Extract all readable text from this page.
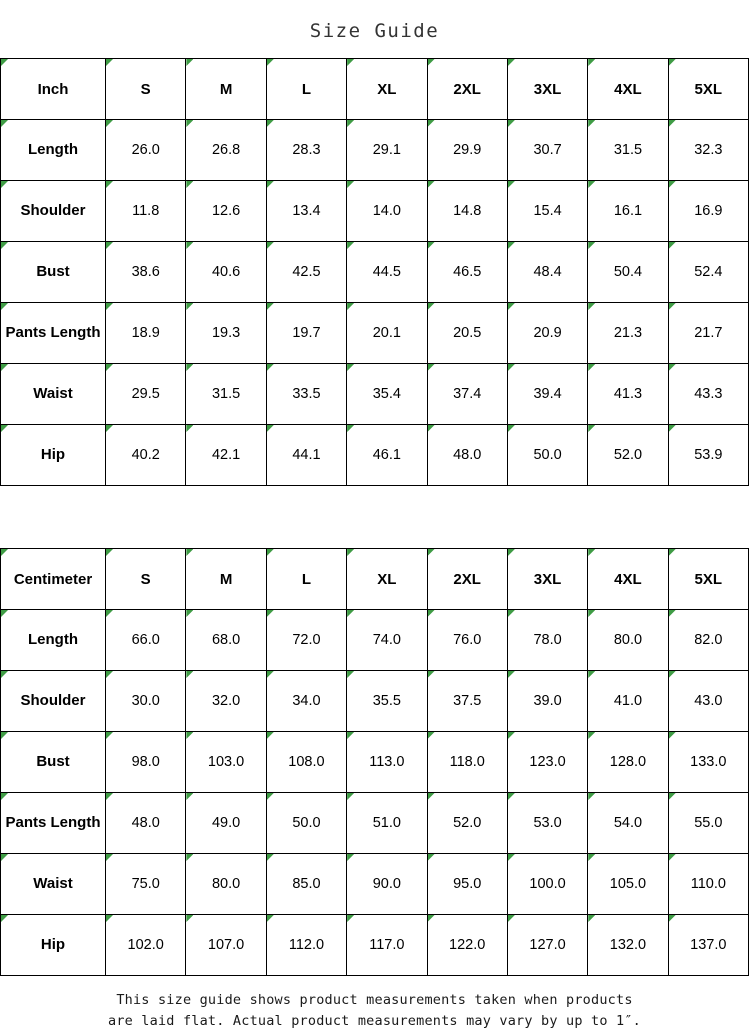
Size Guide
Inch	S	M	L	XL	2XL	3XL	4XL	5XL
Length	26.0	26.8	28.3	29.1	29.9	30.7	31.5	32.3
Shoulder	11.8	12.6	13.4	14.0	14.8	15.4	16.1	16.9
Bust	38.6	40.6	42.5	44.5	46.5	48.4	50.4	52.4
Pants Length	18.9	19.3	19.7	20.1	20.5	20.9	21.3	21.7
Waist	29.5	31.5	33.5	35.4	37.4	39.4	41.3	43.3
Hip	40.2	42.1	44.1	46.1	48.0	50.0	52.0	53.9
Centimeter	S	M	L	XL	2XL	3XL	4XL	5XL
Length	66.0	68.0	72.0	74.0	76.0	78.0	80.0	82.0
Shoulder	30.0	32.0	34.0	35.5	37.5	39.0	41.0	43.0
Bust	98.0	103.0	108.0	113.0	118.0	123.0	128.0	133.0
Pants Length	48.0	49.0	50.0	51.0	52.0	53.0	54.0	55.0
Waist	75.0	80.0	85.0	90.0	95.0	100.0	105.0	110.0
Hip	102.0	107.0	112.0	117.0	122.0	127.0	132.0	137.0
This size guide shows product measurements taken when products
are laid flat. Actual product measurements may vary by up to 1″.
